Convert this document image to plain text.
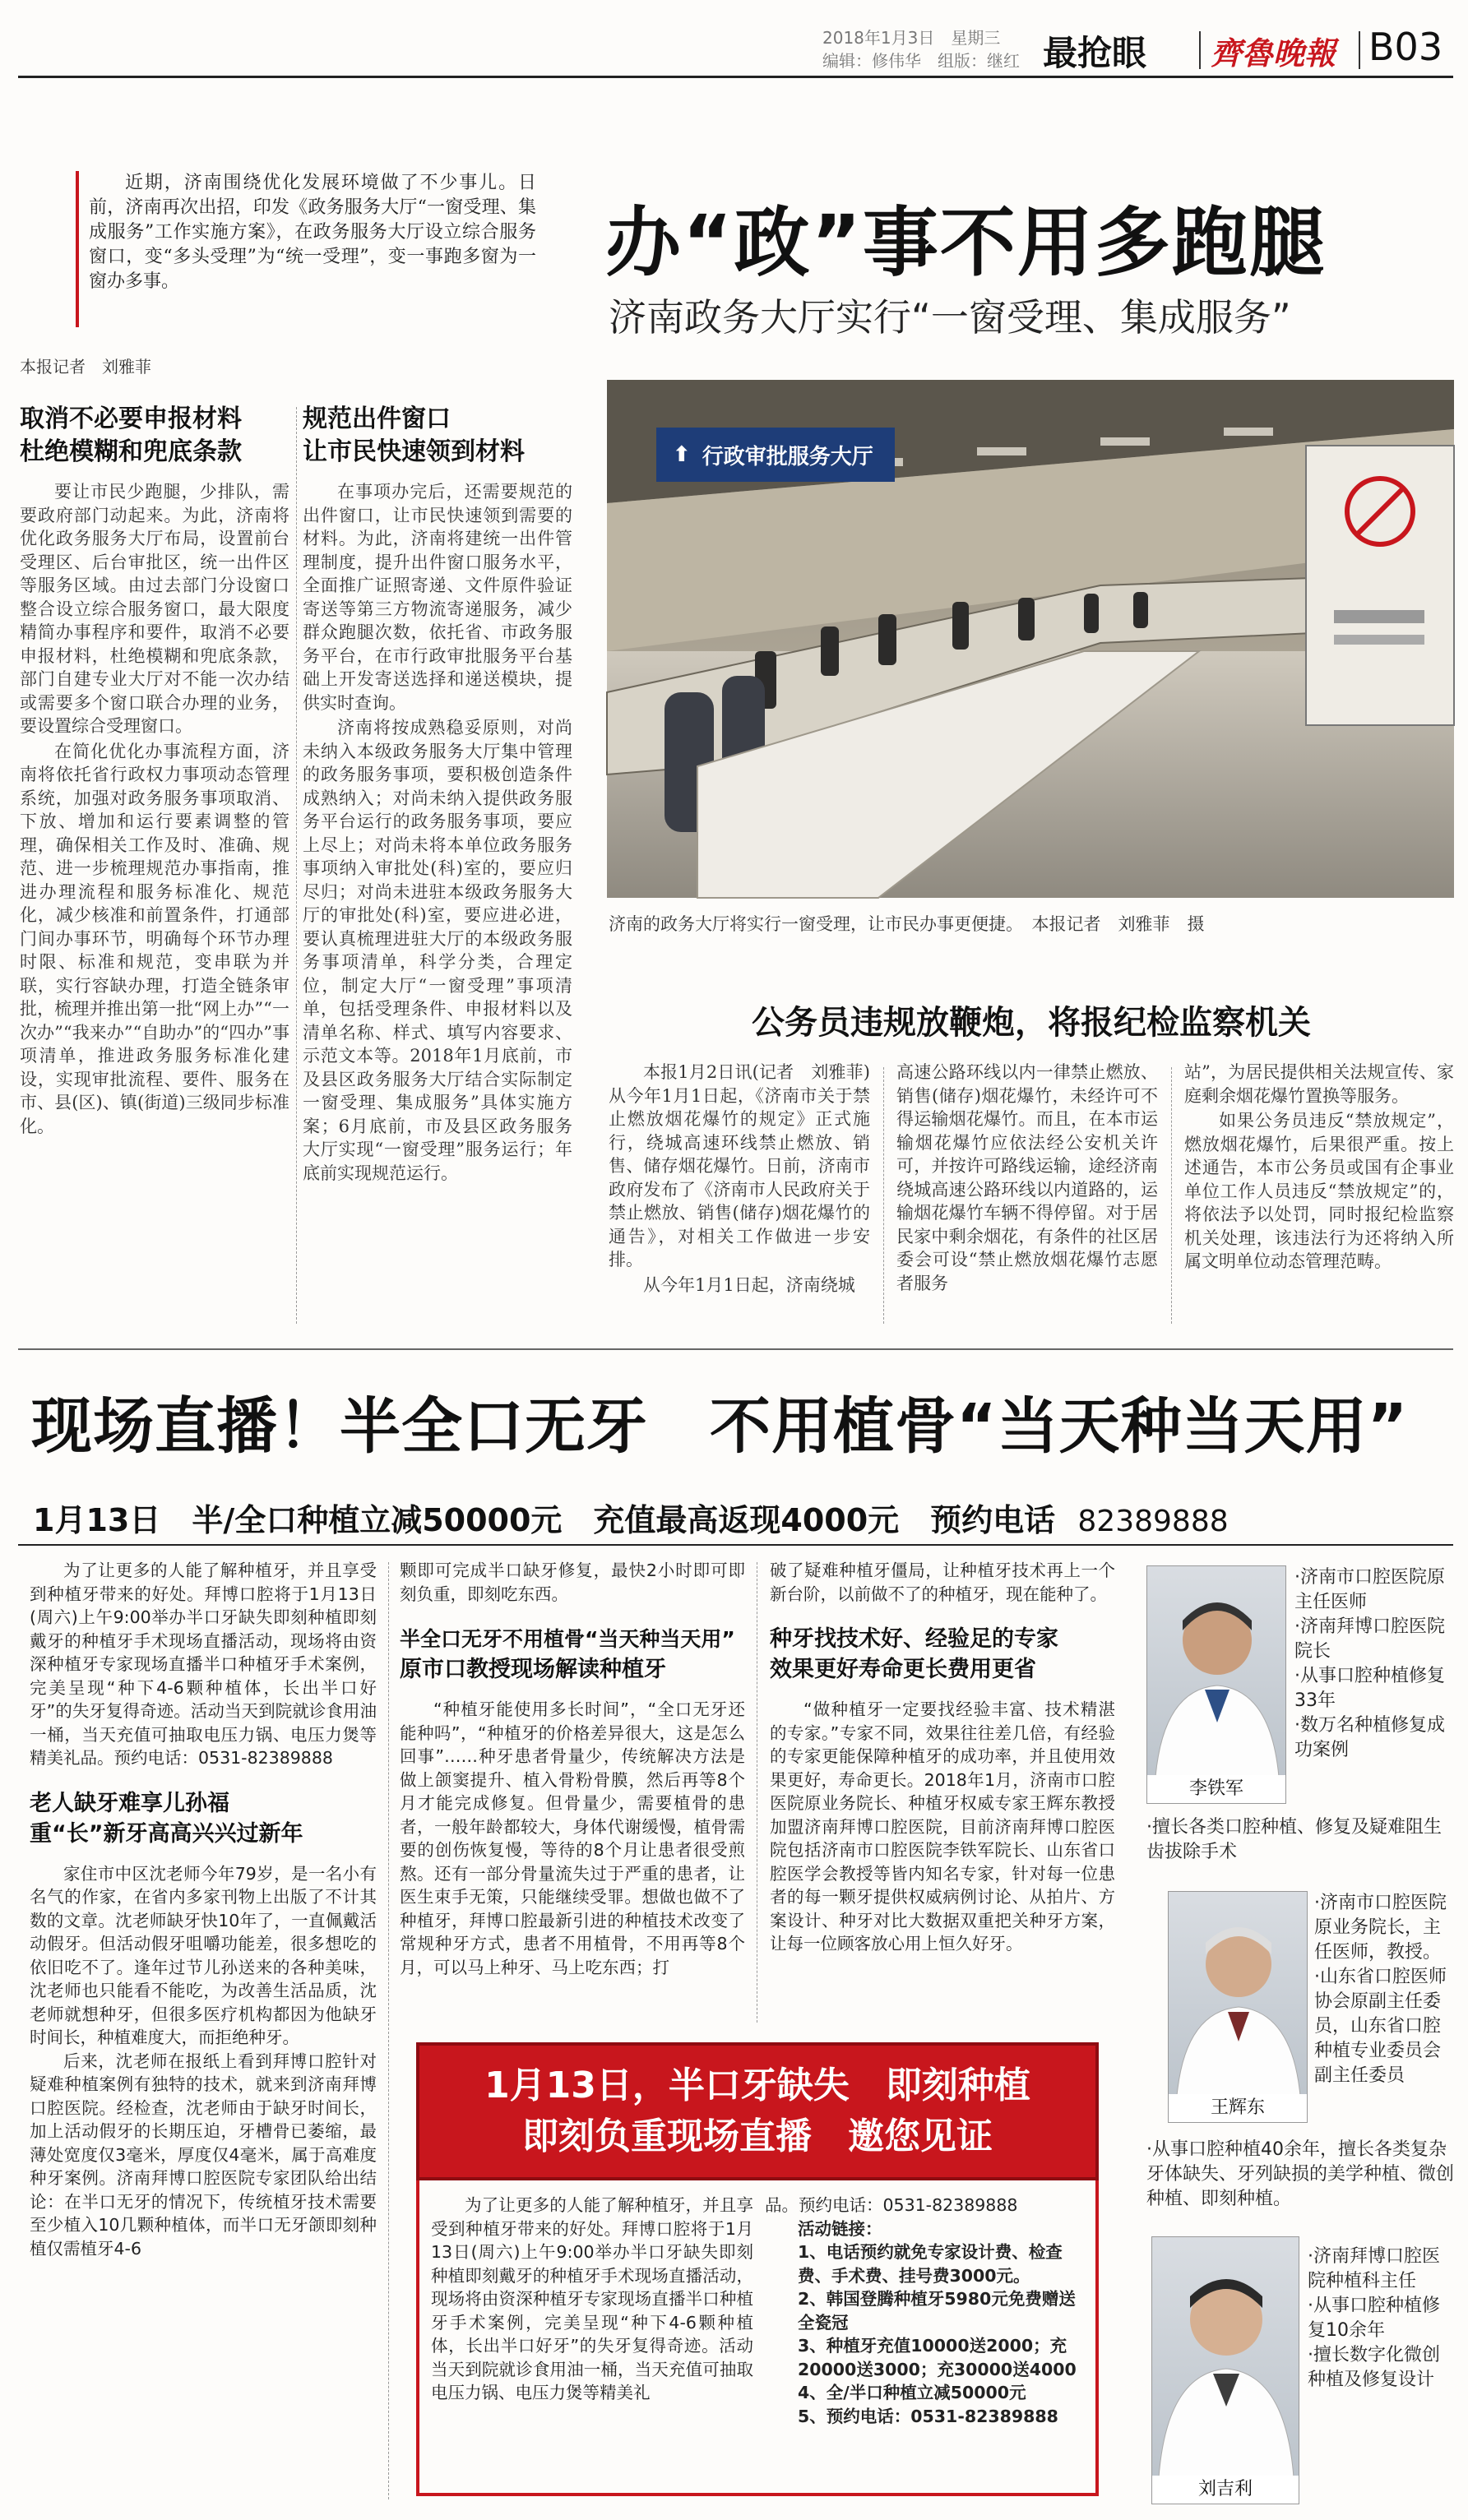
2018年1月3日　星期三
编辑：修伟华　组版：继红 最抢眼 齊魯晚報 B03
近期，济南围绕优化发展环境做了不少事儿。日前，济南再次出招，印发《政务服务大厅“一窗受理、集成服务”工作实施方案》，在政务服务大厅设立综合服务窗口，变“多头受理”为“统一受理”，变一事跑多窗为一窗办多事。
本报记者　刘雅菲
办“政”事不用多跑腿
济南政务大厅实行“一窗受理、集成服务”
取消不必要申报材料
杜绝模糊和兜底条款

要让市民少跑腿，少排队，需要政府部门动起来。为此，济南将优化政务服务大厅布局，设置前台受理区、后台审批区，统一出件区等服务区域。由过去部门分设窗口整合设立综合服务窗口，最大限度精简办事程序和要件，取消不必要申报材料，杜绝模糊和兜底条款，部门自建专业大厅对不能一次办结或需要多个窗口联合办理的业务，要设置综合受理窗口。

在简化优化办事流程方面，济南将依托省行政权力事项动态管理系统，加强对政务服务事项取消、下放、增加和运行要素调整的管理，确保相关工作及时、准确、规范、进一步梳理规范办事指南，推进办理流程和服务标准化、规范化，减少核准和前置条件，打通部门间办事环节，明确每个环节办理时限、标准和规范，变串联为并联，实行容缺办理，打造全链条审批，梳理并推出第一批“网上办”“一次办”“我来办”“自助办”的“四办”事项清单，推进政务服务标准化建设，实现审批流程、要件、服务在市、县(区)、镇(街道)三级同步标准化。

规范出件窗口
让市民快速领到材料

在事项办完后，还需要规范的出件窗口，让市民快速领到需要的材料。为此，济南将建统一出件管理制度，提升出件窗口服务水平，全面推广证照寄递、文件原件验证寄送等第三方物流寄递服务，减少群众跑腿次数，依托省、市政务服务平台，在市行政审批服务平台基础上开发寄送选择和递送模块，提供实时查询。

济南将按成熟稳妥原则，对尚未纳入本级政务服务大厅集中管理的政务服务事项，要积极创造条件成熟纳入；对尚未纳入提供政务服务平台运行的政务服务事项，要应上尽上；对尚未将本单位政务服务事项纳入审批处(科)室的，要应归尽归；对尚未进驻本级政务服务大厅的审批处(科)室，要应进必进，要认真梳理进驻大厅的本级政务服务事项清单，科学分类，合理定位，制定大厅“一窗受理”事项清单，包括受理条件、申报材料以及清单名称、样式、填写内容要求、示范文本等。2018年1月底前，市及县区政务服务大厅结合实际制定一窗受理、集成服务”具体实施方案；6月底前，市及县区政务服务大厅实现“一窗受理”服务运行；年底前实现规范运行。

⬆ 行政审批服务大厅
济南的政务大厅将实行一窗受理，让市民办事更便捷。　本报记者　刘雅菲　摄
公务员违规放鞭炮，将报纪检监察机关

本报1月2日讯(记者　刘雅菲)　从今年1月1日起，《济南市关于禁止燃放烟花爆竹的规定》正式施行，绕城高速环线禁止燃放、销售、储存烟花爆竹。日前，济南市政府发布了《济南市人民政府关于禁止燃放、销售(储存)烟花爆竹的通告》，对相关工作做进一步安排。

从今年1月1日起，济南绕城

高速公路环线以内一律禁止燃放、销售(储存)烟花爆竹，未经许可不得运输烟花爆竹。而且，在本市运输烟花爆竹应依法经公安机关许可，并按许可路线运输，途经济南绕城高速公路环线以内道路的，运输烟花爆竹车辆不得停留。对于居民家中剩余烟花，有条件的社区居委会可设“禁止燃放烟花爆竹志愿者服务

站”，为居民提供相关法规宣传、家庭剩余烟花爆竹置换等服务。

如果公务员违反“禁放规定”，燃放烟花爆竹，后果很严重。按上述通告，本市公务员或国有企事业单位工作人员违反“禁放规定”的，将依法予以处罚，同时报纪检监察机关处理，该违法行为还将纳入所属文明单位动态管理范畴。

现场直播！半全口无牙　不用植骨“当天种当天用”
1月13日　半/全口种植立减50000元　充值最高返现4000元　预约电话 82389888

为了让更多的人能了解种植牙，并且享受到种植牙带来的好处。拜博口腔将于1月13日(周六)上午9:00举办半口牙缺失即刻种植即刻戴牙的种植牙手术现场直播活动，现场将由资深种植牙专家现场直播半口种植牙手术案例，完美呈现“种下4-6颗种植体，长出半口好牙”的失牙复得奇迹。活动当天到院就诊食用油一桶，当天充值可抽取电压力锅、电压力煲等精美礼品。预约电话：0531-82389888

老人缺牙难享儿孙福
重“长”新牙高高兴兴过新年

家住市中区沈老师今年79岁，是一名小有名气的作家，在省内多家刊物上出版了不计其数的文章。沈老师缺牙快10年了，一直佩戴活动假牙。但活动假牙咀嚼功能差，很多想吃的依旧吃不了。逢年过节儿孙送来的各种美味，沈老师也只能看不能吃，为改善生活品质，沈老师就想种牙，但很多医疗机构都因为他缺牙时间长，种植难度大，而拒绝种牙。

后来，沈老师在报纸上看到拜博口腔针对疑难种植案例有独特的技术，就来到济南拜博口腔医院。经检查，沈老师由于缺牙时间长，加上活动假牙的长期压迫，牙槽骨已萎缩，最薄处宽度仅3毫米，厚度仅4毫米，属于高难度种牙案例。济南拜博口腔医院专家团队给出结论：在半口无牙的情况下，传统植牙技术需要至少植入10几颗种植体，而半口无牙颌即刻种植仅需植牙4-6

颗即可完成半口缺牙修复，最快2小时即可即刻负重，即刻吃东西。

半全口无牙不用植骨“当天种当天用”
原市口教授现场解读种植牙

“种植牙能使用多长时间”，“全口无牙还能种吗”，“种植牙的价格差异很大，这是怎么回事”……种牙患者骨量少，传统解决方法是做上颌窦提升、植入骨粉骨膜，然后再等8个月才能完成修复。但骨量少，需要植骨的患者，一般年龄都较大，身体代谢缓慢，植骨需要的创伤恢复慢，等待的8个月让患者很受煎熬。还有一部分骨量流失过于严重的患者，让医生束手无策，只能继续受罪。想做也做不了种植牙，拜博口腔最新引进的种植技术改变了常规种牙方式，患者不用植骨，不用再等8个月，可以马上种牙、马上吃东西；打

破了疑难种植牙僵局，让种植牙技术再上一个新台阶，以前做不了的种植牙，现在能种了。

种牙找技术好、经验足的专家
效果更好寿命更长费用更省

“做种植牙一定要找经验丰富、技术精湛的专家。”专家不同，效果往往差几倍，有经验的专家更能保障种植牙的成功率，并且使用效果更好，寿命更长。2018年1月，济南市口腔医院原业务院长、种植牙权威专家王辉东教授加盟济南拜博口腔医院，目前济南拜博口腔医院包括济南市口腔医院李铁军院长、山东省口腔医学会教授等皆内知名专家，针对每一位患者的每一颗牙提供权威病例讨论、从拍片、方案设计、种牙对比大数据双重把关种牙方案，让每一位顾客放心用上恒久好牙。

1月13日，半口牙缺失　即刻种植
即刻负重现场直播　邀您见证

为了让更多的人能了解种植牙，并且享受到种植牙带来的好处。拜博口腔将于1月13日(周六)上午9:00举办半口牙缺失即刻种植即刻戴牙的种植牙手术现场直播活动，现场将由资深种植牙专家现场直播半口种植牙手术案例，完美呈现“种下4-6颗种植体，长出半口好牙”的失牙复得奇迹。活动当天到院就诊食用油一桶，当天充值可抽取电压力锅、电压力煲等精美礼

品。预约电话：0531-82389888
活动链接：
1、电话预约就免专家设计费、检查费、手术费、挂号费3000元。
2、韩国登腾种植牙5980元免费赠送全瓷冠
3、种植牙充值10000送2000；充20000送3000；充30000送4000
4、全/半口种植立减50000元
5、预约电话：0531-82389888
李铁军
·济南市口腔医院原主任医师
·济南拜博口腔医院院长
·从事口腔种植修复33年
·数万名种植修复成功案例
·擅长各类口腔种植、修复及疑难阻生齿拔除手术
王辉东
·济南市口腔医院原业务院长，主任医师，教授。
·山东省口腔医师协会原副主任委员，山东省口腔种植专业委员会副主任委员
·从事口腔种植40余年，擅长各类复杂牙体缺失、牙列缺损的美学种植、微创种植、即刻种植。
刘吉利
·济南拜博口腔医院种植科主任
·从事口腔种植修复10余年
·擅长数字化微创种植及修复设计
